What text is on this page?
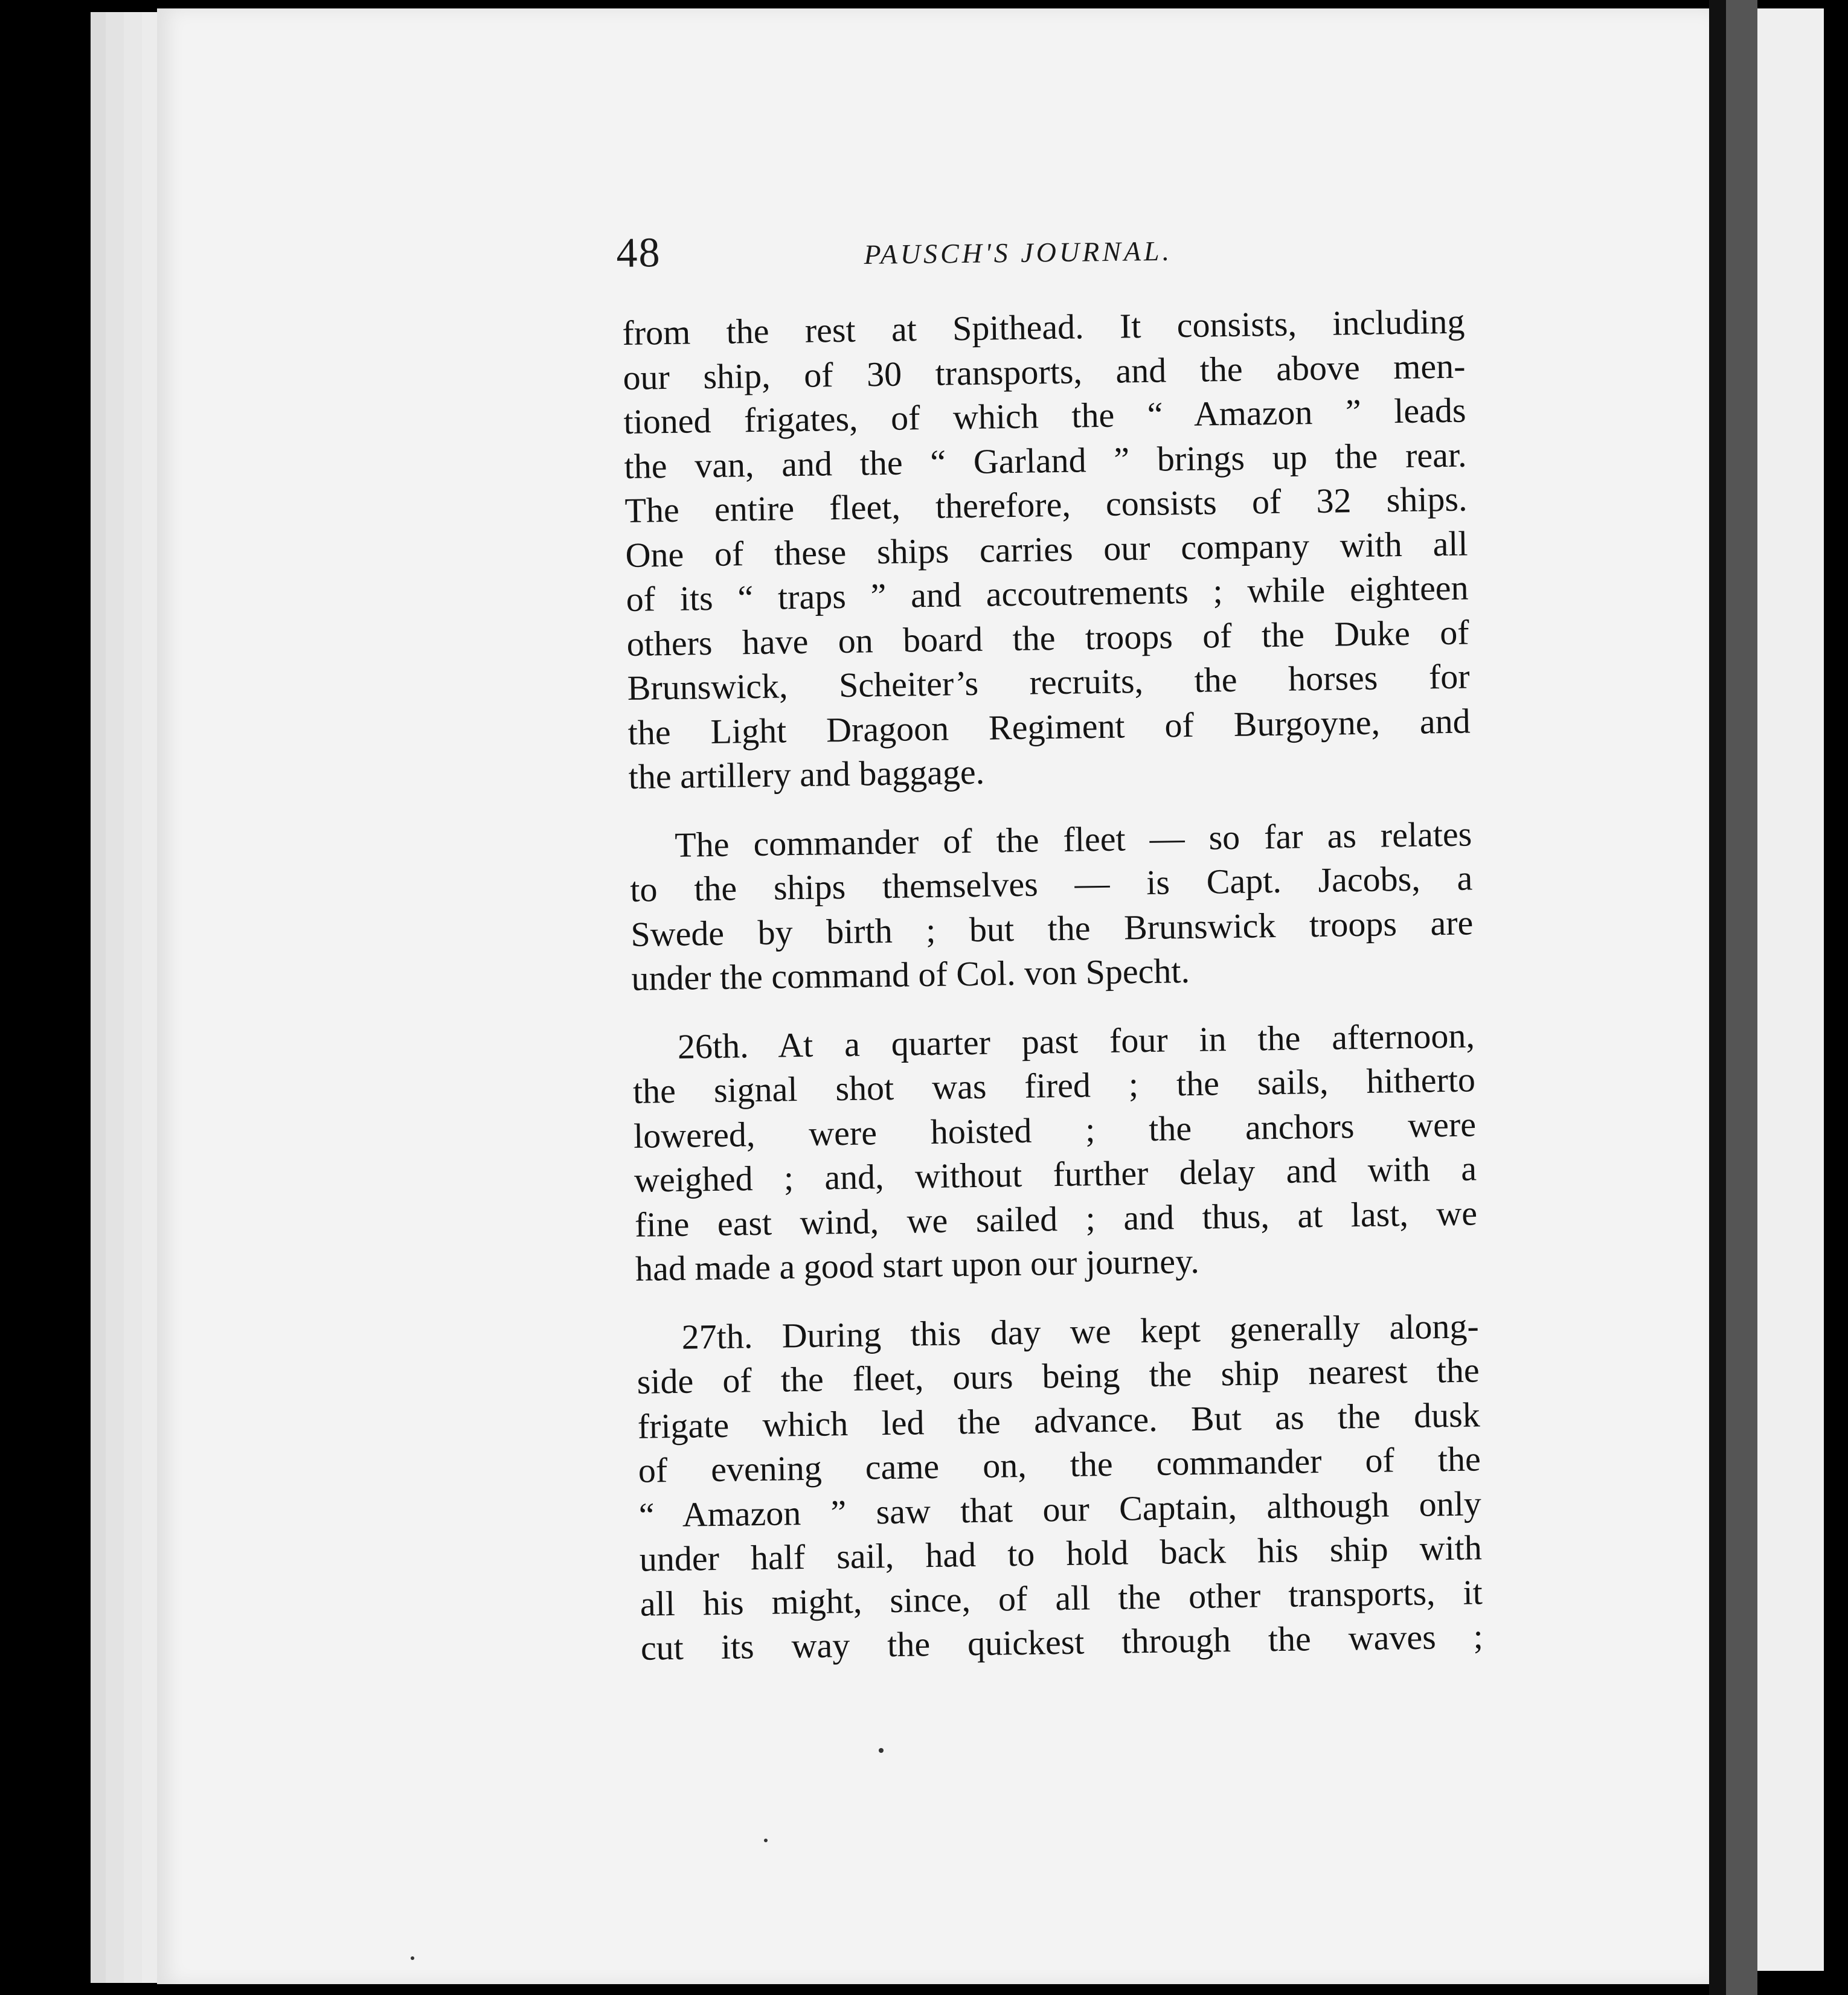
48	PAUSCH'S JOURNAL.
from the rest at Spithead. It consists, including
our ship, of 30 transports, and the above men-
tioned frigates, of which the “ Amazon ” leads
the van, and the “ Garland ” brings up the rear.
The entire fleet, therefore, consists of 32 ships.
One of these ships carries our company with all
of its “ traps ” and accoutrements ; while eighteen
others have on board the troops of the Duke of
Brunswick, Scheiter’s recruits, the horses for
the Light Dragoon Regiment of Burgoyne, and
the artillery and baggage.
The commander of the fleet — so far as relates
to the ships themselves — is Capt. Jacobs, a
Swede by birth ; but the Brunswick troops are
under the command of Col. von Specht.
26th. At a quarter past four in the afternoon,
the signal shot was fired ; the sails, hitherto
lowered, were hoisted ; the anchors were
weighed ; and, without further delay and with a
fine east wind, we sailed ; and thus, at last, we
had made a good start upon our journey.
27th. During this day we kept generally along-
side of the fleet, ours being the ship nearest the
frigate which led the advance. But as the dusk
of evening came on, the commander of the
“ Amazon ” saw that our Captain, although only
under half sail, had to hold back his ship with
all his might, since, of all the other transports, it
cut its way the quickest through the waves ;
